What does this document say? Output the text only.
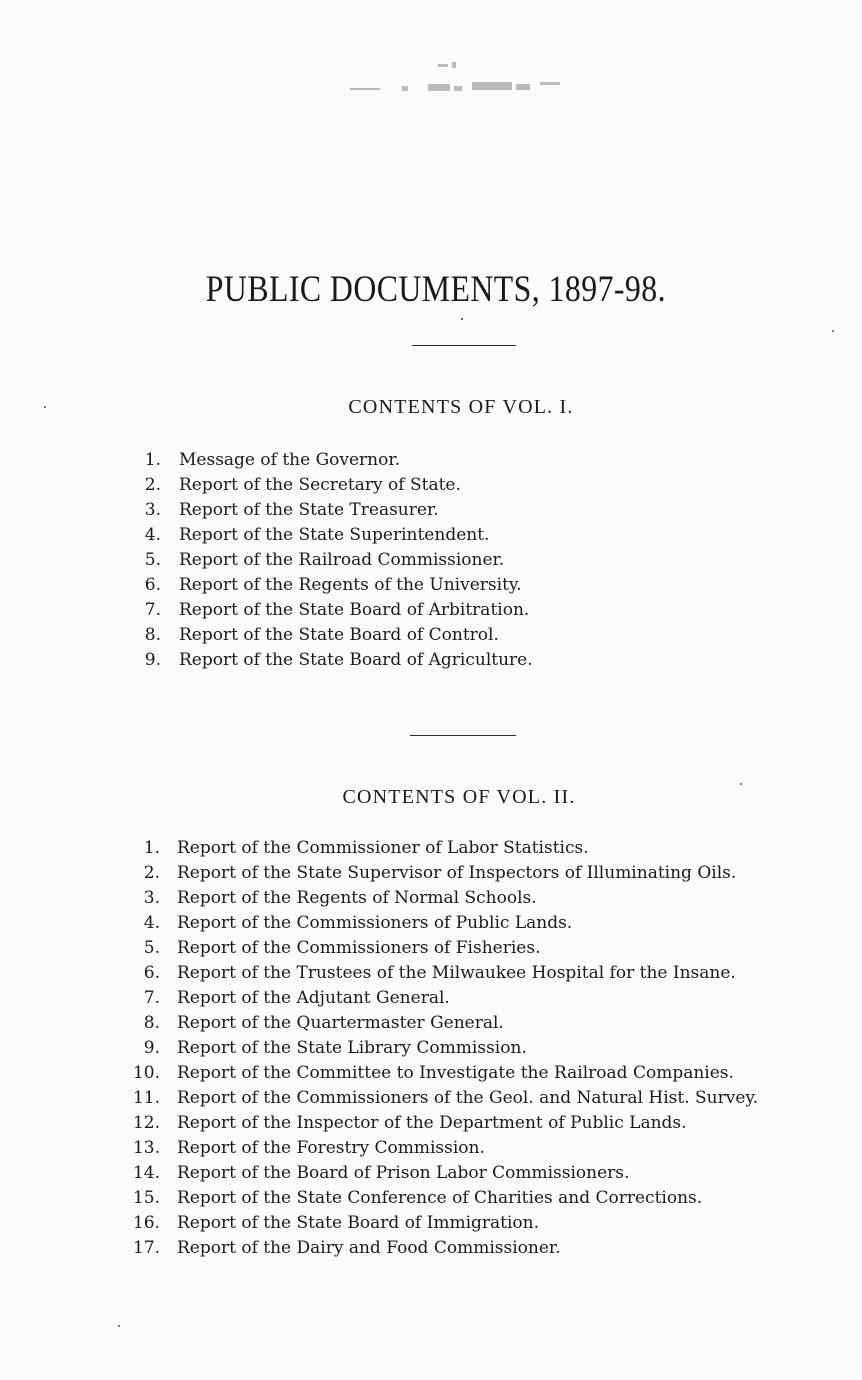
PUBLIC DOCUMENTS, 1897-98.
CONTENTS OF VOL. I.
1. Message of the Governor.
2. Report of the Secretary of State.
3. Report of the State Treasurer.
4. Report of the State Superintendent.
5. Report of the Railroad Commissioner.
6. Report of the Regents of the University.
7. Report of the State Board of Arbitration.
8. Report of the State Board of Control.
9. Report of the State Board of Agriculture.
CONTENTS OF VOL. II.
1. Report of the Commissioner of Labor Statistics.
2. Report of the State Supervisor of Inspectors of Illuminating Oils.
3. Report of the Regents of Normal Schools.
4. Report of the Commissioners of Public Lands.
5. Report of the Commissioners of Fisheries.
6. Report of the Trustees of the Milwaukee Hospital for the Insane.
7. Report of the Adjutant General.
8. Report of the Quartermaster General.
9. Report of the State Library Commission.
10. Report of the Committee to Investigate the Railroad Companies.
11. Report of the Commissioners of the Geol. and Natural Hist. Survey.
12. Report of the Inspector of the Department of Public Lands.
13. Report of the Forestry Commission.
14. Report of the Board of Prison Labor Commissioners.
15. Report of the State Conference of Charities and Corrections.
16. Report of the State Board of Immigration.
17. Report of the Dairy and Food Commissioner.
